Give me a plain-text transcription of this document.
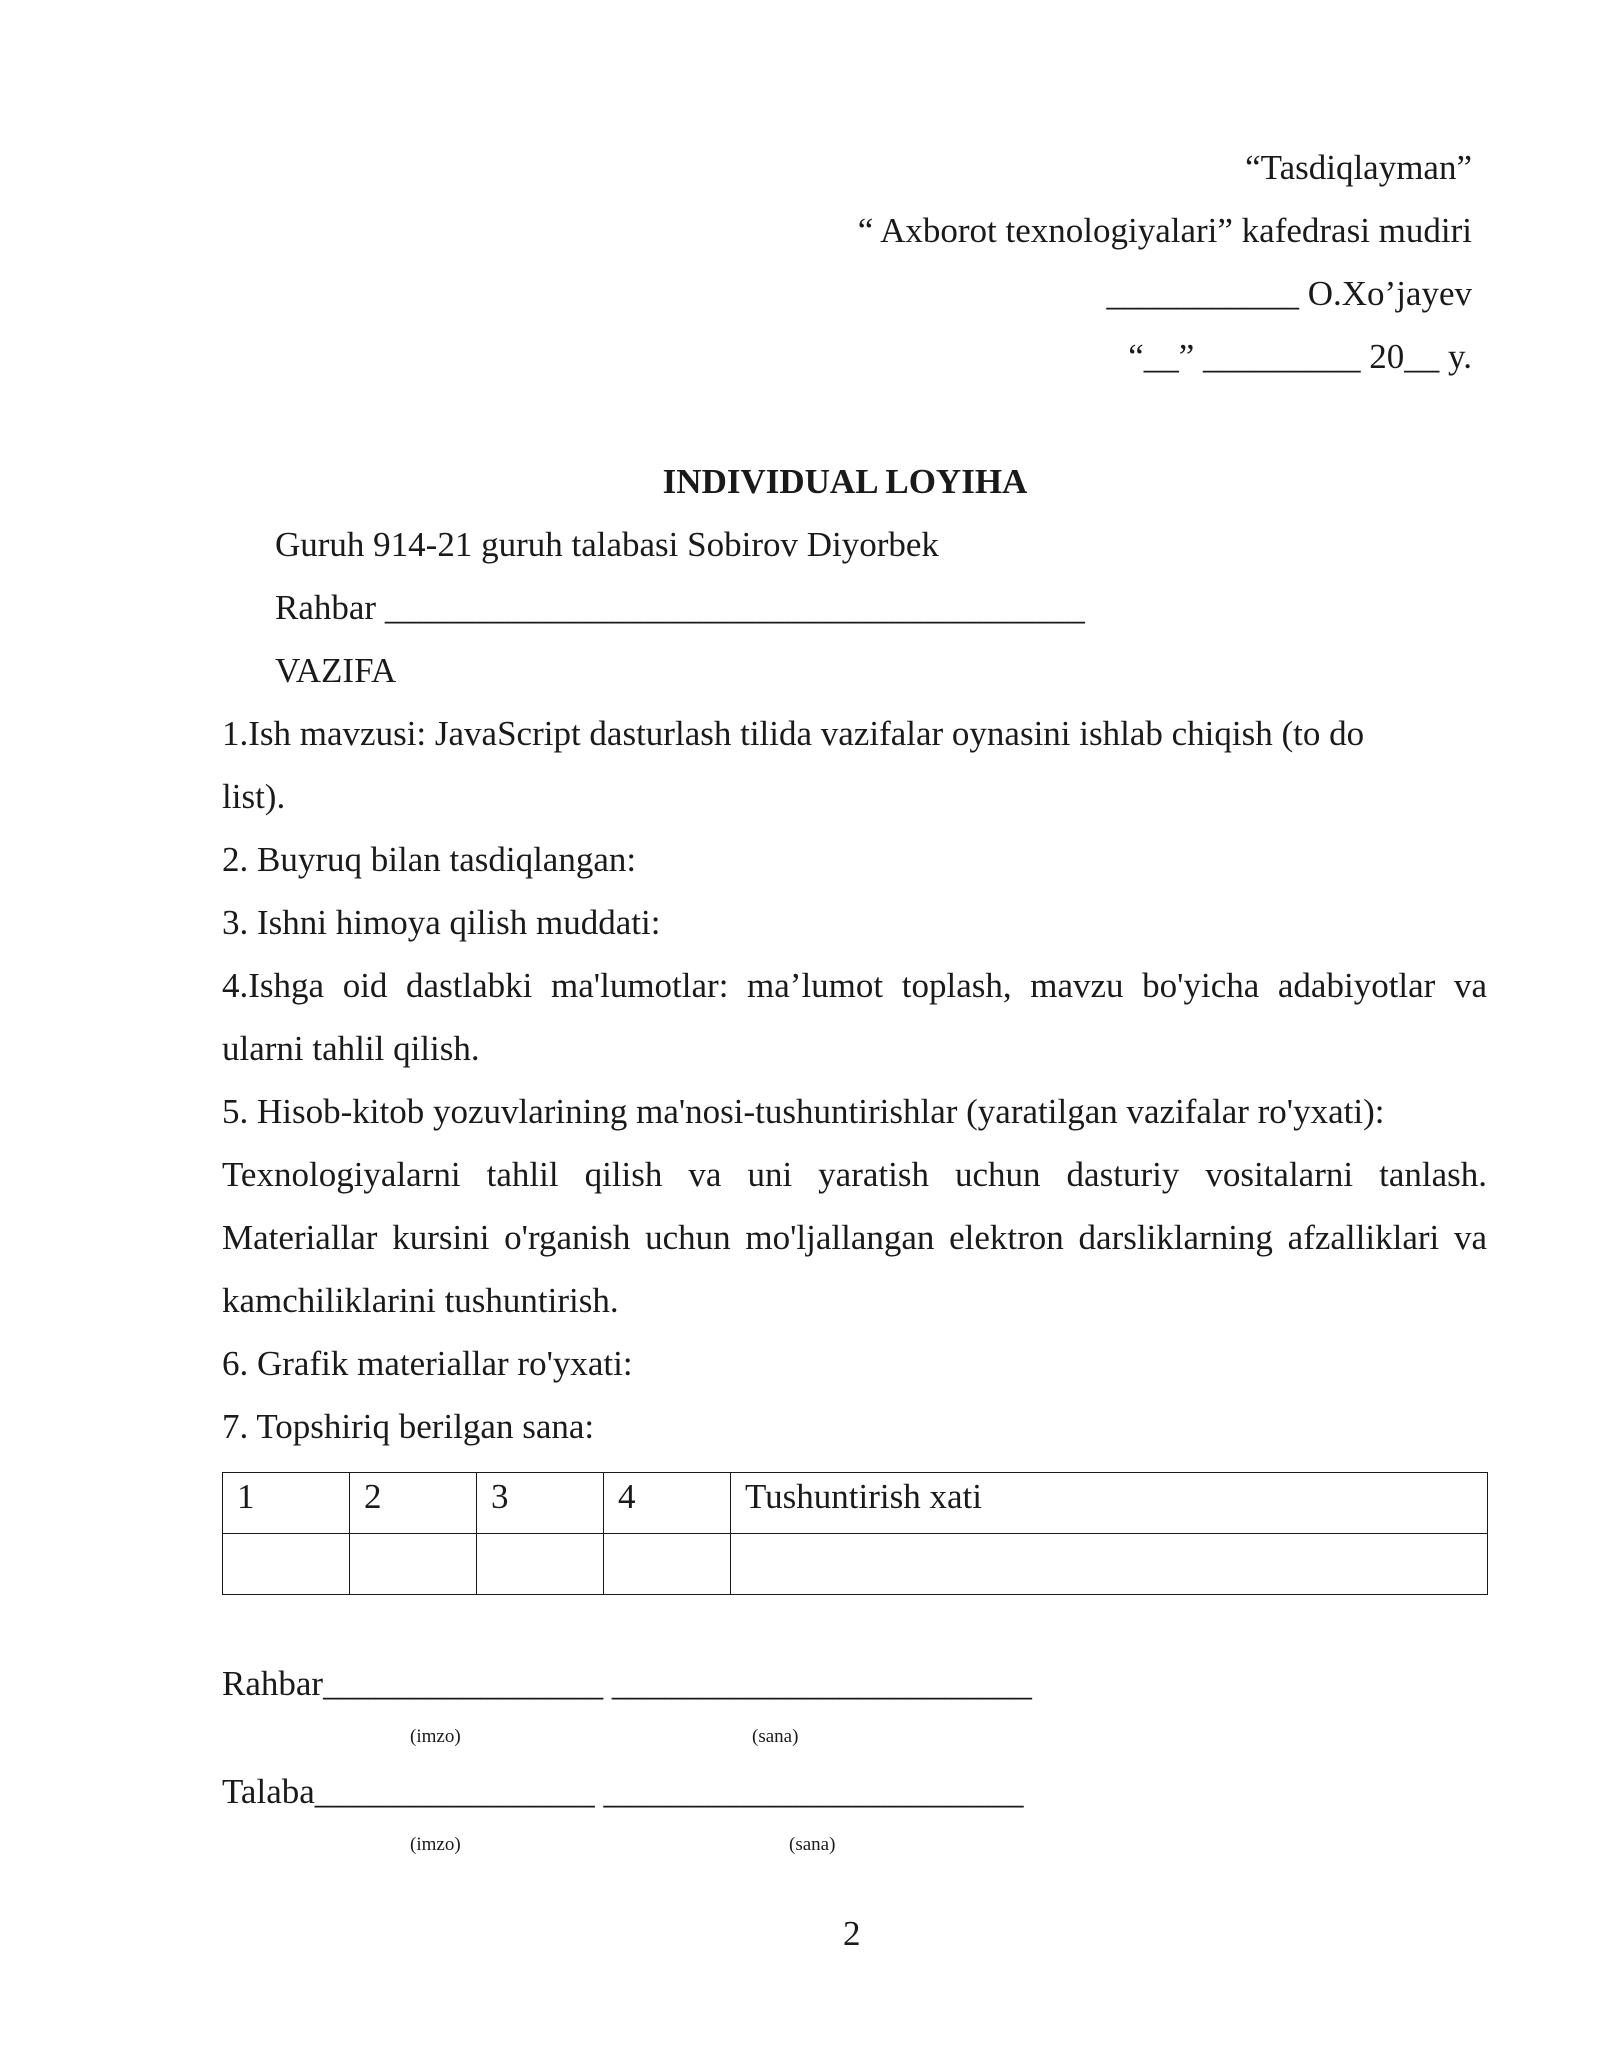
“Tasdiqlayman”
“ Axborot texnologiyalari” kafedrasi mudiri
___________ O.Xo’jayev
“__” _________ 20__ y.
INDIVIDUAL LOYIHA
Guruh 914-21 guruh talabasi Sobirov Diyorbek
Rahbar ________________________________________
VAZIFA
1.Ish mavzusi: JavaScript dasturlash tilida vazifalar oynasini ishlab chiqish (to do
list).
2. Buyruq bilan tasdiqlangan:
3. Ishni himoya qilish muddati:
4.Ishga oid dastlabki ma'lumotlar: ma’lumot toplash, mavzu bo'yicha adabiyotlar va
ularni tahlil qilish.
5. Hisob-kitob yozuvlarining ma'nosi-tushuntirishlar (yaratilgan vazifalar ro'yxati):
Texnologiyalarni tahlil qilish va uni yaratish uchun dasturiy vositalarni tanlash.
Materiallar kursini o'rganish uchun mo'ljallangan elektron darsliklarning afzalliklari va
kamchiliklarini tushuntirish.
6. Grafik materiallar ro'yxati:
7. Topshiriq berilgan sana:
1	2	3	4	Tushuntirish xati

Rahbar________________ ________________________
(imzo)	(sana)
Talaba________________ ________________________
(imzo)	(sana)
2
